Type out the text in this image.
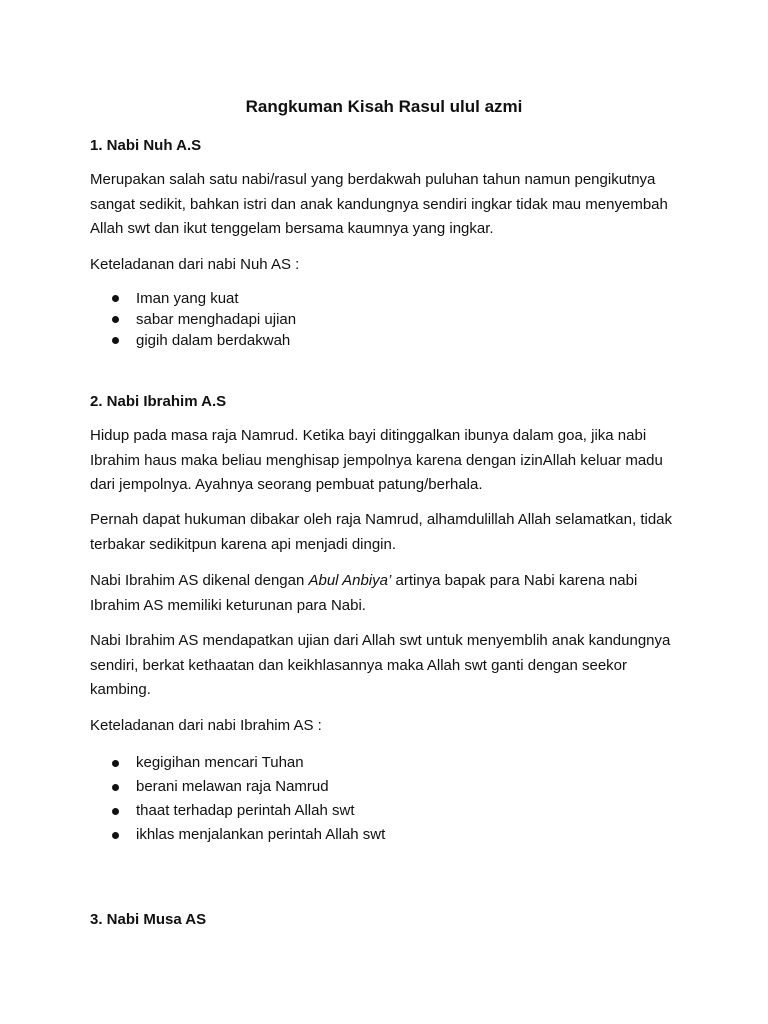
Rangkuman Kisah Rasul ulul azmi
1. Nabi Nuh A.S

Merupakan salah satu nabi/rasul yang berdakwah puluhan tahun namun pengikutnya
sangat sedikit, bahkan istri dan anak kandungnya sendiri ingkar tidak mau menyembah
Allah swt dan ikut tenggelam bersama kaumnya yang ingkar.

Keteladanan dari nabi Nuh AS :

Iman yang kuat
sabar menghadapi ujian
gigih dalam berdakwah
2. Nabi Ibrahim A.S

Hidup pada masa raja Namrud. Ketika bayi ditinggalkan ibunya dalam goa, jika nabi
Ibrahim haus maka beliau menghisap jempolnya karena dengan izinAllah keluar madu
dari jempolnya. Ayahnya seorang pembuat patung/berhala.

Pernah dapat hukuman dibakar oleh raja Namrud, alhamdulillah Allah selamatkan, tidak
terbakar sedikitpun karena api menjadi dingin.

Nabi Ibrahim AS dikenal dengan Abul Anbiya’ artinya bapak para Nabi karena nabi
Ibrahim AS memiliki keturunan para Nabi.

Nabi Ibrahim AS mendapatkan ujian dari Allah swt untuk menyemblih anak kandungnya
sendiri, berkat kethaatan dan keikhlasannya maka Allah swt ganti dengan seekor
kambing.

Keteladanan dari nabi Ibrahim AS :

kegigihan mencari Tuhan
berani melawan raja Namrud
thaat terhadap perintah Allah swt
ikhlas menjalankan perintah Allah swt
3. Nabi Musa AS
